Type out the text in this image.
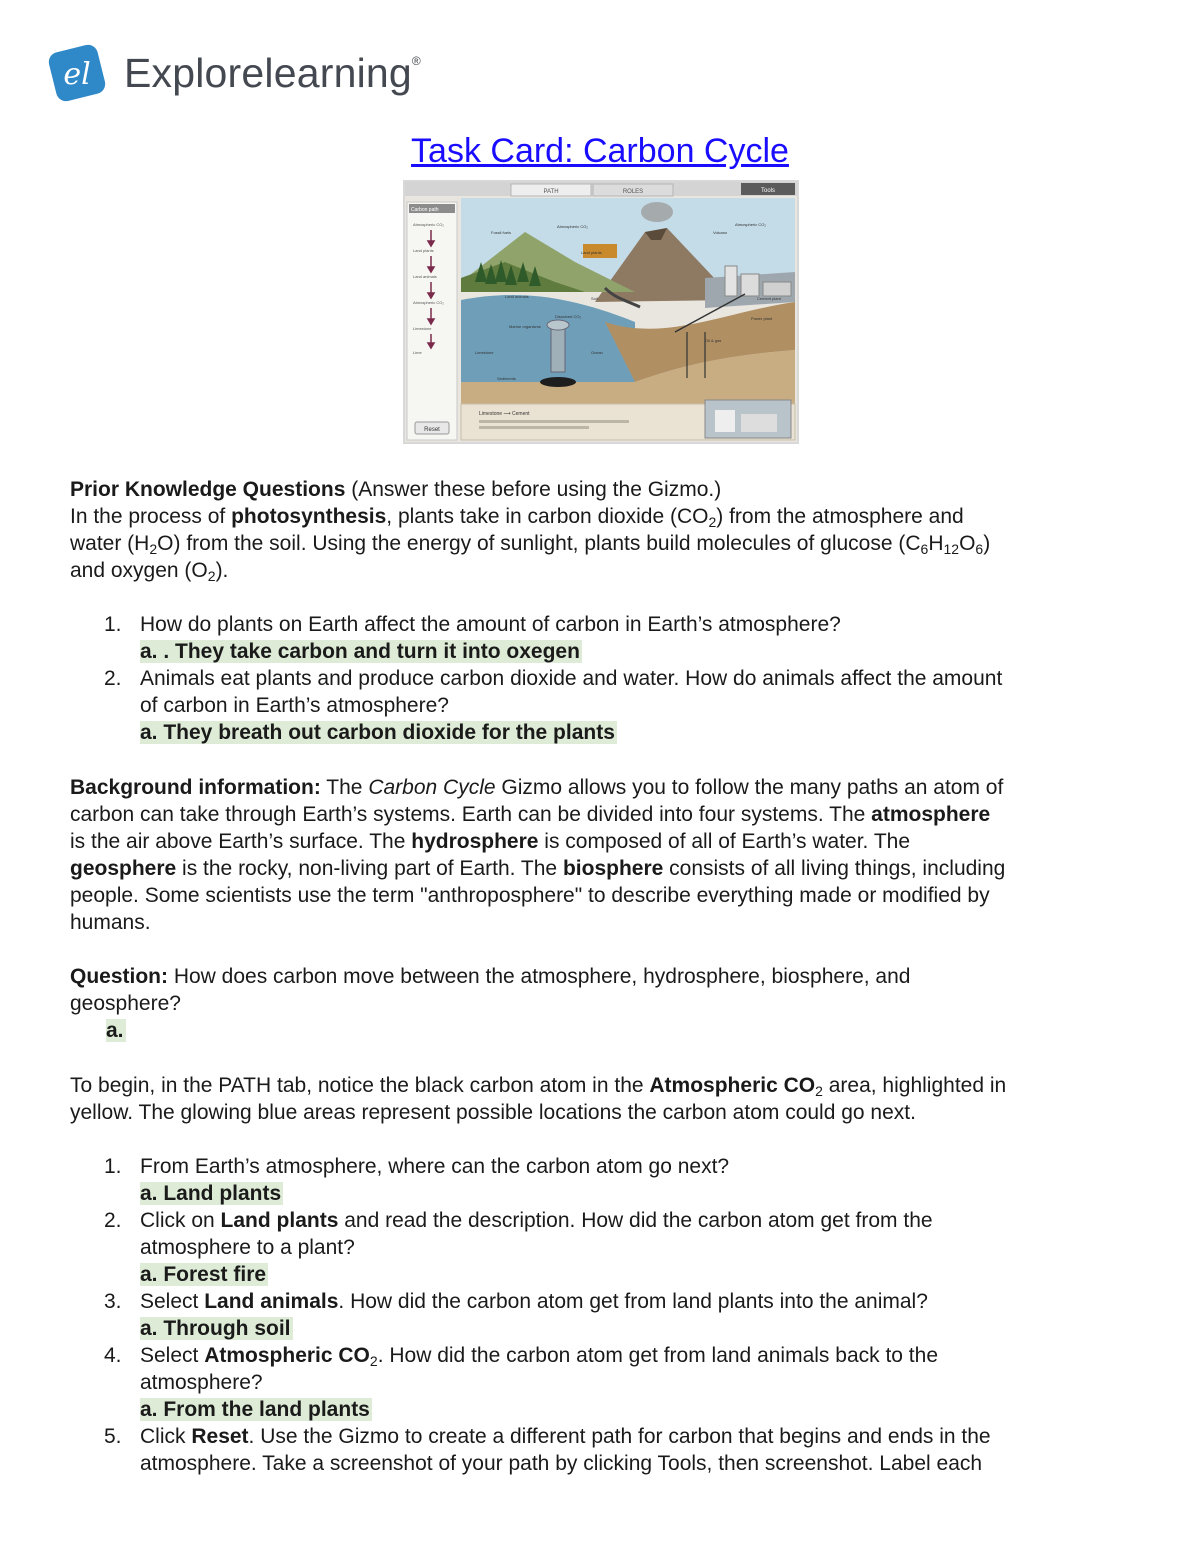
el Explorelearning®
Task Card: Carbon Cycle
PATH	ROLES	Tools
Carbon path
Atmospheric CO₂
Land plants
Land animals
Atmospheric CO₂
Limestone
Lime
Reset
Limestone ⟶ Cement
Fossil fuels
Atmospheric CO₂
Volcano
Atmospheric CO₂
Land plants
Land animals	Soil
Marine organisms
Ocean
Sediments
Limestone
Oil & gas
Power plant
Cement plant
Dissolved CO₂

Prior Knowledge Questions (Answer these before using the Gizmo.)

In the process of photosynthesis, plants take in carbon dioxide $(CO_2)$ from the atmosphere and

water $(H_2O)$ from the soil. Using the energy of sunlight, plants build molecules of glucose $(C_6H_{12}O_6)$

and oxygen $(O_2)$.

1. How do plants on Earth affect the amount of carbon in Earth’s atmosphere?
a. . They take carbon and turn it into oxegen
2. Animals eat plants and produce carbon dioxide and water. How do animals affect the amount
of carbon in Earth’s atmosphere?
a. They breath out carbon dioxide for the plants

Background information: The Carbon Cycle Gizmo allows you to follow the many paths an atom of

carbon can take through Earth’s systems. Earth can be divided into four systems. The atmosphere

is the air above Earth’s surface. The hydrosphere is composed of all of Earth’s water. The

geosphere is the rocky, non-living part of Earth. The biosphere consists of all living things, including

people. Some scientists use the term "anthroposphere" to describe everything made or modified by

humans.

Question: How does carbon move between the atmosphere, hydrosphere, biosphere, and

geosphere?

a.

To begin, in the PATH tab, notice the black carbon atom in the Atmospheric $CO_2$ area, highlighted in

yellow. The glowing blue areas represent possible locations the carbon atom could go next.

1. From Earth’s atmosphere, where can the carbon atom go next?
a. Land plants
2. Click on Land plants and read the description. How did the carbon atom get from the
atmosphere to a plant?
a. Forest fire
3. Select Land animals. How did the carbon atom get from land plants into the animal?
a. Through soil
4. Select Atmospheric $CO_2$. How did the carbon atom get from land animals back to the
atmosphere?
a. From the land plants
5. Click Reset. Use the Gizmo to create a different path for carbon that begins and ends in the
atmosphere. Take a screenshot of your path by clicking Tools, then screenshot. Label each
